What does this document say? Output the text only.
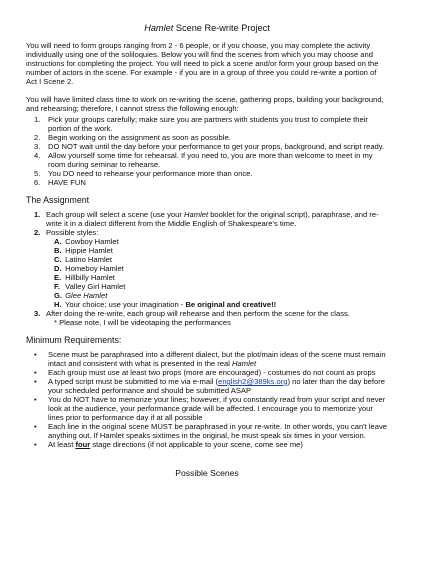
Hamlet Scene Re-write Project

You will need to form groups ranging from 2 - 6 people, or if you choose, you may complete the activity individually using one of the soliloquies. Below you will find the scenes from which you may choose and instructions for completing the project. You will need to pick a scene and/or form your group based on the number of actors in the scene. For example - if you are in a group of three you could re-write a portion of Act I Scene 2.

You will have limited class time to work on re-writing the scene, gathering props, building your background, and rehearsing; therefore, I cannot stress the following enough:

1.	Pick your groups carefully; make sure you are partners with students you trust to complete their portion of the work.
2.	Begin working on the assignment as soon as possible.
3.	DO NOT wait until the day before your performance to get your props, background, and script ready.
4.	Allow yourself some time for rehearsal. If you need to, you are more than welcome to meet in my room during seminar to rehearse.
5.	You DO need to rehearse your performance more than once.
6.	HAVE FUN
The Assignment
1. Each group will select a scene (use your Hamlet booklet for the original script), paraphrase, and re-write it in a dialect different from the Middle English of Shakespeare's time.
2. Possible styles:
A. Cowboy Hamlet
B. Hippie Hamlet
C. Latino Hamlet
D. Homeboy Hamlet
E. Hillbilly Hamlet
F. Valley Girl Hamlet
G. Glee Hamlet
H. Your choice; use your imagination - Be original and creative!!
3. After doing the re-write, each group will rehearse and then perform the scene for the class.
* Please note, I will be videotaping the performances
Minimum Requirements:
•	Scene must be paraphrased into a different dialect, but the plot/main ideas of the scene must remain intact and consistent with what is presented in the real Hamlet
•	Each group must use at least two props (more are encouraged) - costumes do not count as props
•	A typed script must be submitted to me via e-mail (english2@389ks.org) no later than the day before your scheduled performance and should be submitted ASAP
•	You do NOT have to memorize your lines; however, if you constantly read from your script and never look at the audience, your performance grade will be affected. I encourage you to memorize your lines prior to performance day if at all possible
•	Each line in the original scene MUST be paraphrased in your re-write. In other words, you can't leave anything out. If Hamlet speaks sixtimes in the original, he must speak six times in your version.
•	At least four stage directions (if not applicable to your scene, come see me)
Possible Scenes
